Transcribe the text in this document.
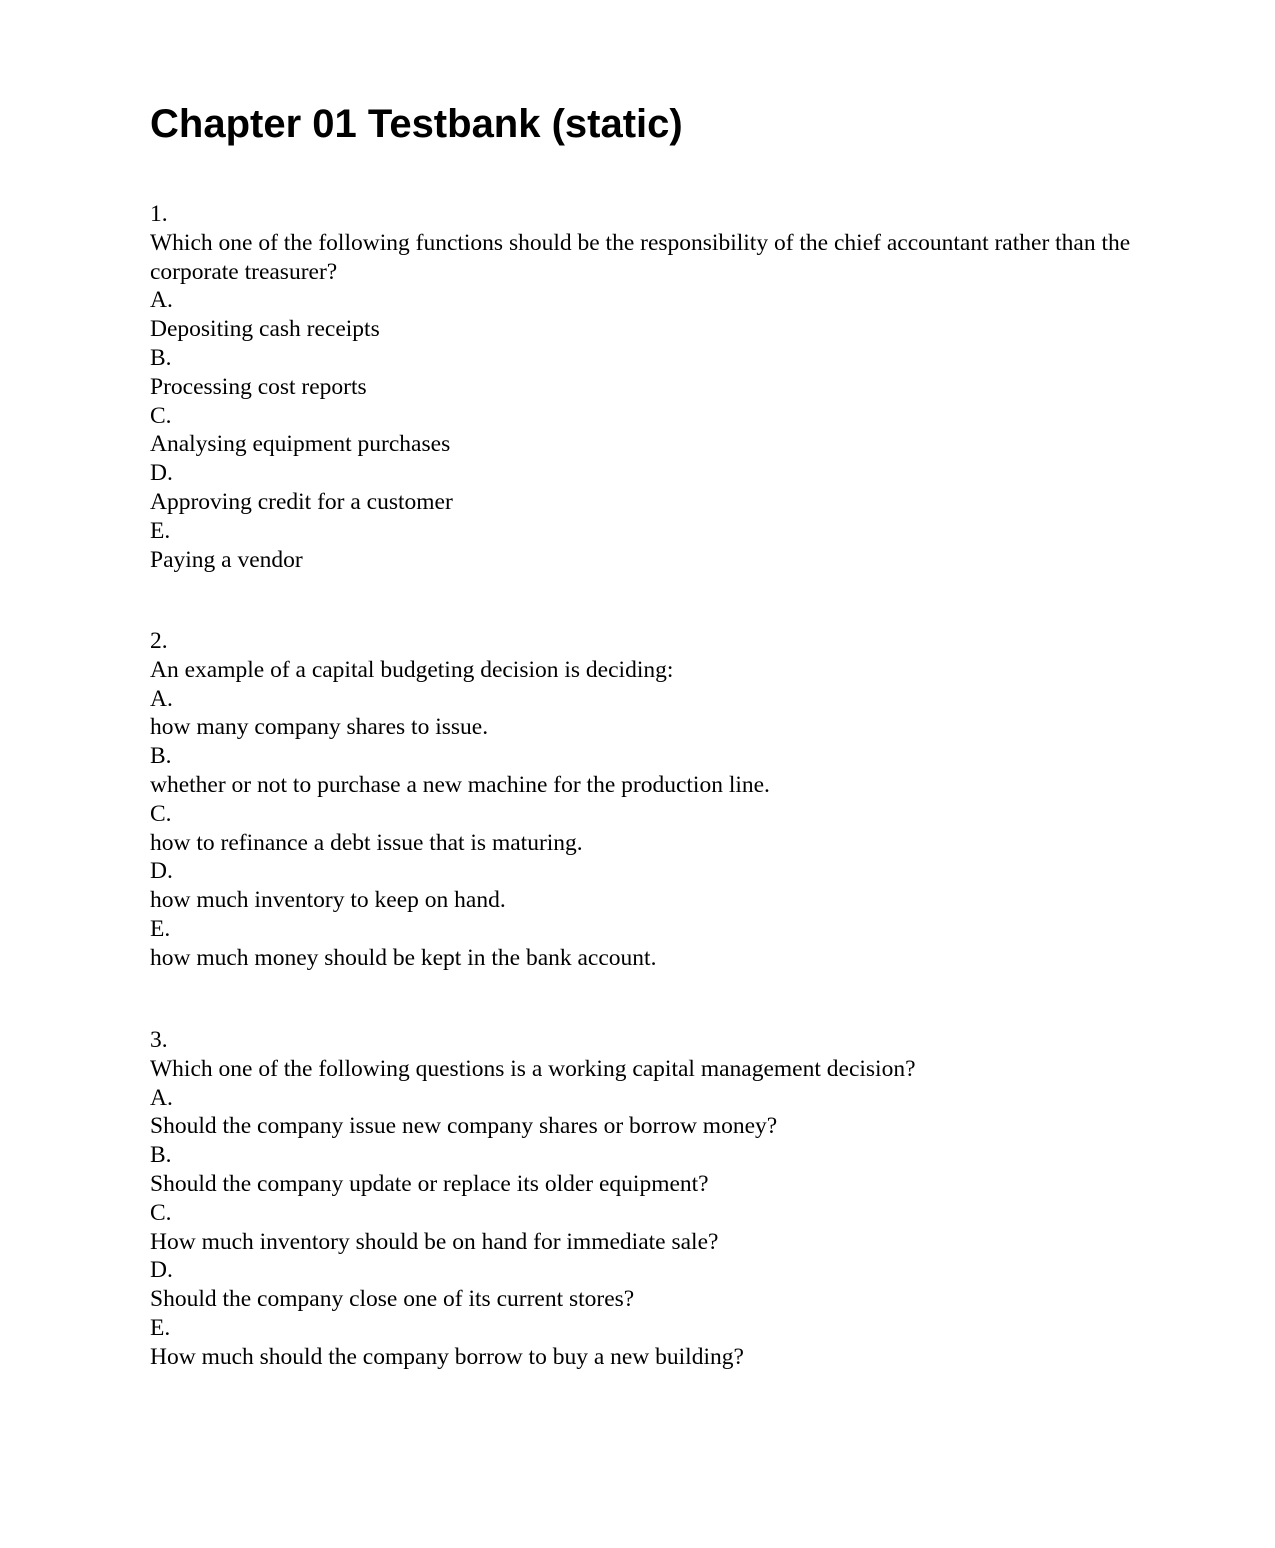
Chapter 01 Testbank (static)
1.
Which one of the following functions should be the responsibility of the chief accountant rather than the corporate treasurer?
A.
Depositing cash receipts
B.
Processing cost reports
C.
Analysing equipment purchases
D.
Approving credit for a customer
E.
Paying a vendor
2.
An example of a capital budgeting decision is deciding:
A.
how many company shares to issue.
B.
whether or not to purchase a new machine for the production line.
C.
how to refinance a debt issue that is maturing.
D.
how much inventory to keep on hand.
E.
how much money should be kept in the bank account.
3.
Which one of the following questions is a working capital management decision?
A.
Should the company issue new company shares or borrow money?
B.
Should the company update or replace its older equipment?
C.
How much inventory should be on hand for immediate sale?
D.
Should the company close one of its current stores?
E.
How much should the company borrow to buy a new building?
